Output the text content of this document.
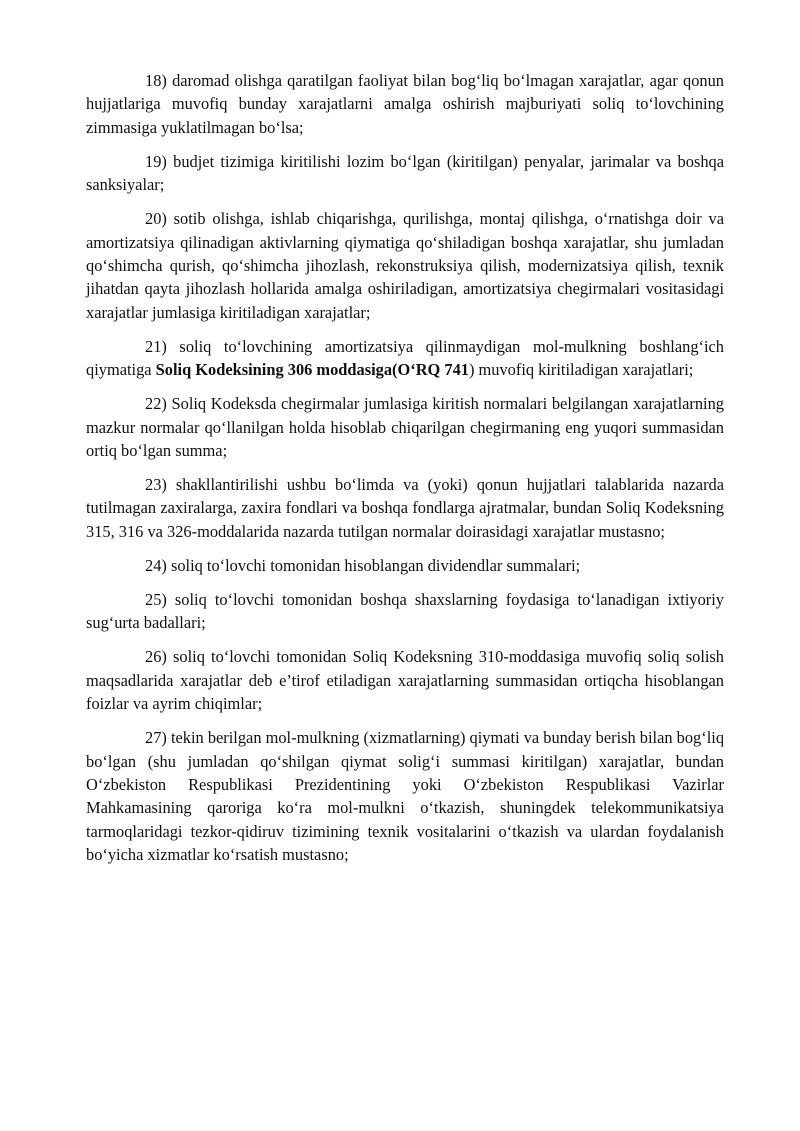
18) daromad olishga qaratilgan faoliyat bilan bog‘liq bo‘lmagan xarajatlar, agar qonun hujjatlariga muvofiq bunday xarajatlarni amalga oshirish majburiyati soliq to‘lovchining zimmasiga yuklatilmagan bo‘lsa;

19) budjet tizimiga kiritilishi lozim bo‘lgan (kiritilgan) penyalar, jarimalar va boshqa sanksiyalar;

20) sotib olishga, ishlab chiqarishga, qurilishga, montaj qilishga, o‘rnatishga doir va amortizatsiya qilinadigan aktivlarning qiymatiga qo‘shiladigan boshqa xarajatlar, shu jumladan qo‘shimcha qurish, qo‘shimcha jihozlash, rekonstruksiya qilish, modernizatsiya qilish, texnik jihatdan qayta jihozlash hollarida amalga oshiriladigan, amortizatsiya chegirmalari vositasidagi xarajatlar jumlasiga kiritiladigan xarajatlar;

21) soliq to‘lovchining amortizatsiya qilinmaydigan mol-mulkning boshlang‘ich qiymatiga Soliq Kodeksining 306 moddasiga(O‘RQ 741) muvofiq kiritiladigan xarajatlari;

22) Soliq Kodeksda chegirmalar jumlasiga kiritish normalari belgilangan xarajatlarning mazkur normalar qo‘llanilgan holda hisoblab chiqarilgan chegirmaning eng yuqori summasidan ortiq bo‘lgan summa;

23) shakllantirilishi ushbu bo‘limda va (yoki) qonun hujjatlari talablarida nazarda tutilmagan zaxiralarga, zaxira fondlari va boshqa fondlarga ajratmalar, bundan Soliq Kodeksning 315, 316 va 326-moddalarida nazarda tutilgan normalar doirasidagi xarajatlar mustasno;

24) soliq to‘lovchi tomonidan hisoblangan dividendlar summalari;

25) soliq to‘lovchi tomonidan boshqa shaxslarning foydasiga to‘lanadigan ixtiyoriy sug‘urta badallari;

26) soliq to‘lovchi tomonidan Soliq Kodeksning 310-moddasiga muvofiq soliq solish maqsadlarida xarajatlar deb e’tirof etiladigan xarajatlarning summasidan ortiqcha hisoblangan foizlar va ayrim chiqimlar;

27) tekin berilgan mol-mulkning (xizmatlarning) qiymati va bunday berish bilan bog‘liq bo‘lgan (shu jumladan qo‘shilgan qiymat solig‘i summasi kiritilgan) xarajatlar, bundan O‘zbekiston Respublikasi Prezidentining yoki O‘zbekiston Respublikasi Vazirlar Mahkamasining qaroriga ko‘ra mol-mulkni o‘tkazish, shuningdek telekommunikatsiya tarmoqlaridagi tezkor-qidiruv tizimining texnik vositalarini o‘tkazish va ulardan foydalanish bo‘yicha xizmatlar ko‘rsatish mustasno;
